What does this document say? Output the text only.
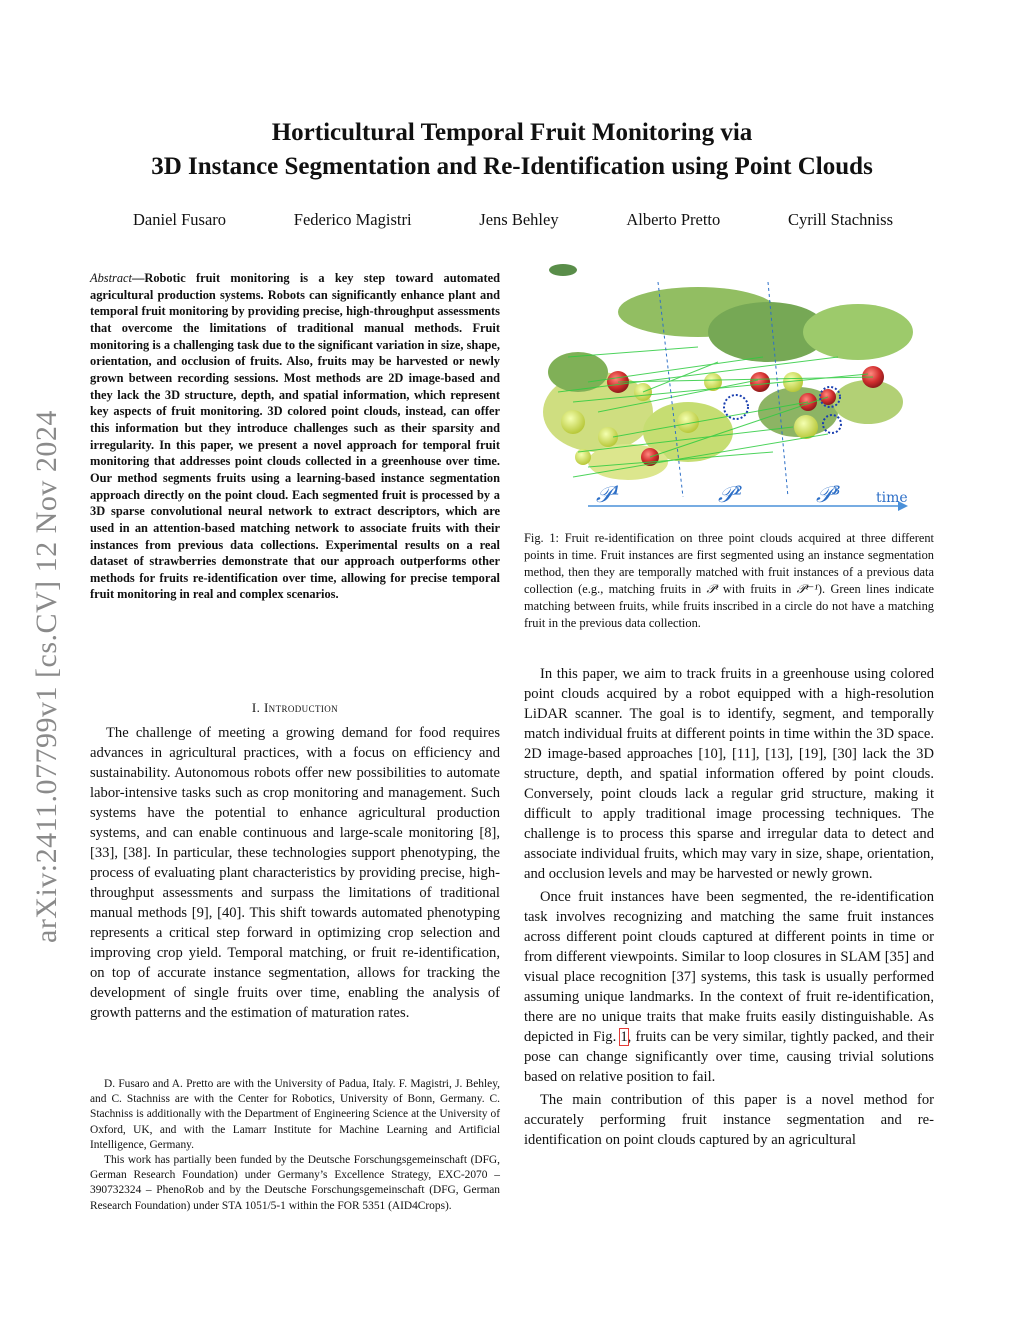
Horticultural Temporal Fruit Monitoring via
3D Instance Segmentation and Re-Identification using Point Clouds
Daniel Fusaro	Federico Magistri	Jens Behley	Alberto Pretto	Cyrill Stachniss
arXiv:2411.07799v1 [cs.CV] 12 Nov 2024
Abstract—Robotic fruit monitoring is a key step toward automated agricultural production systems. Robots can significantly enhance plant and temporal fruit monitoring by providing precise, high-throughput assessments that overcome the limitations of traditional manual methods. Fruit monitoring is a challenging task due to the significant variation in size, shape, orientation, and occlusion of fruits. Also, fruits may be harvested or newly grown between recording sessions. Most methods are 2D image-based and they lack the 3D structure, depth, and spatial information, which represent key aspects of fruit monitoring. 3D colored point clouds, instead, can offer this information but they introduce challenges such as their sparsity and irregularity. In this paper, we present a novel approach for temporal fruit monitoring that addresses point clouds collected in a greenhouse over time. Our method segments fruits using a learning-based instance segmentation approach directly on the point cloud. Each segmented fruit is processed by a 3D sparse convolutional neural network to extract descriptors, which are used in an attention-based matching network to associate fruits with their instances from previous data collections. Experimental results on a real dataset of strawberries demonstrate that our approach outperforms other methods for fruits re-identification over time, allowing for precise temporal fruit monitoring in real and complex scenarios.
I. Introduction

The challenge of meeting a growing demand for food requires advances in agricultural practices, with a focus on efficiency and sustainability. Autonomous robots offer new possibilities to automate labor-intensive tasks such as crop monitoring and management. Such systems have the potential to enhance agricultural production systems, and can enable continuous and large-scale monitoring [8], [33], [38]. In particular, these technologies support phenotyping, the process of evaluating plant characteristics by providing precise, high-throughput assessments and surpass the limitations of traditional manual methods [9], [40]. This shift towards automated phenotyping represents a critical step forward in optimizing crop selection and improving crop yield. Temporal matching, or fruit re-identification, on top of accurate instance segmentation, allows for tracking the development of single fruits over time, enabling the analysis of growth patterns and the estimation of maturation rates.

D. Fusaro and A. Pretto are with the University of Padua, Italy. F. Magistri, J. Behley, and C. Stachniss are with the Center for Robotics, University of Bonn, Germany. C. Stachniss is additionally with the Department of Engineering Science at the University of Oxford, UK, and with the Lamarr Institute for Machine Learning and Artificial Intelligence, Germany.

This work has partially been funded by the Deutsche Forschungsgemeinschaft (DFG, German Research Foundation) under Germany’s Excellence Strategy, EXC-2070 – 390732324 – PhenoRob and by the Deutsche Forschungsgemeinschaft (DFG, German Research Foundation) under STA 1051/5-1 within the FOR 5351 (AID4Crops).

𝒫¹	𝒫²	𝒫³	time
Fig. 1: Fruit re-identification on three point clouds acquired at three different points in time. Fruit instances are first segmented using an instance segmentation method, then they are temporally matched with fruit instances of a previous data collection (e.g., matching fruits in 𝒫ᵗ with fruits in 𝒫ᵗ⁻¹). Green lines indicate matching between fruits, while fruits inscribed in a circle do not have a matching fruit in the previous data collection.

In this paper, we aim to track fruits in a greenhouse using colored point clouds acquired by a robot equipped with a high-resolution LiDAR scanner. The goal is to identify, segment, and temporally match individual fruits at different points in time within the 3D space. 2D image-based approaches [10], [11], [13], [19], [30] lack the 3D structure, depth, and spatial information offered by point clouds. Conversely, point clouds lack a regular grid structure, making it difficult to apply traditional image processing techniques. The challenge is to process this sparse and irregular data to detect and associate individual fruits, which may vary in size, shape, orientation, and occlusion levels and may be harvested or newly grown.

Once fruit instances have been segmented, the re-identification task involves recognizing and matching the same fruit instances across different point clouds captured at different points in time or from different viewpoints. Similar to loop closures in SLAM [35] and visual place recognition [37] systems, this task is usually performed assuming unique landmarks. In the context of fruit re-identification, there are no unique traits that make fruits easily distinguishable. As depicted in Fig. 1, fruits can be very similar, tightly packed, and their pose can change significantly over time, causing trivial solutions based on relative position to fail.

The main contribution of this paper is a novel method for accurately performing fruit instance segmentation and re-identification on point clouds captured by an agricultural
